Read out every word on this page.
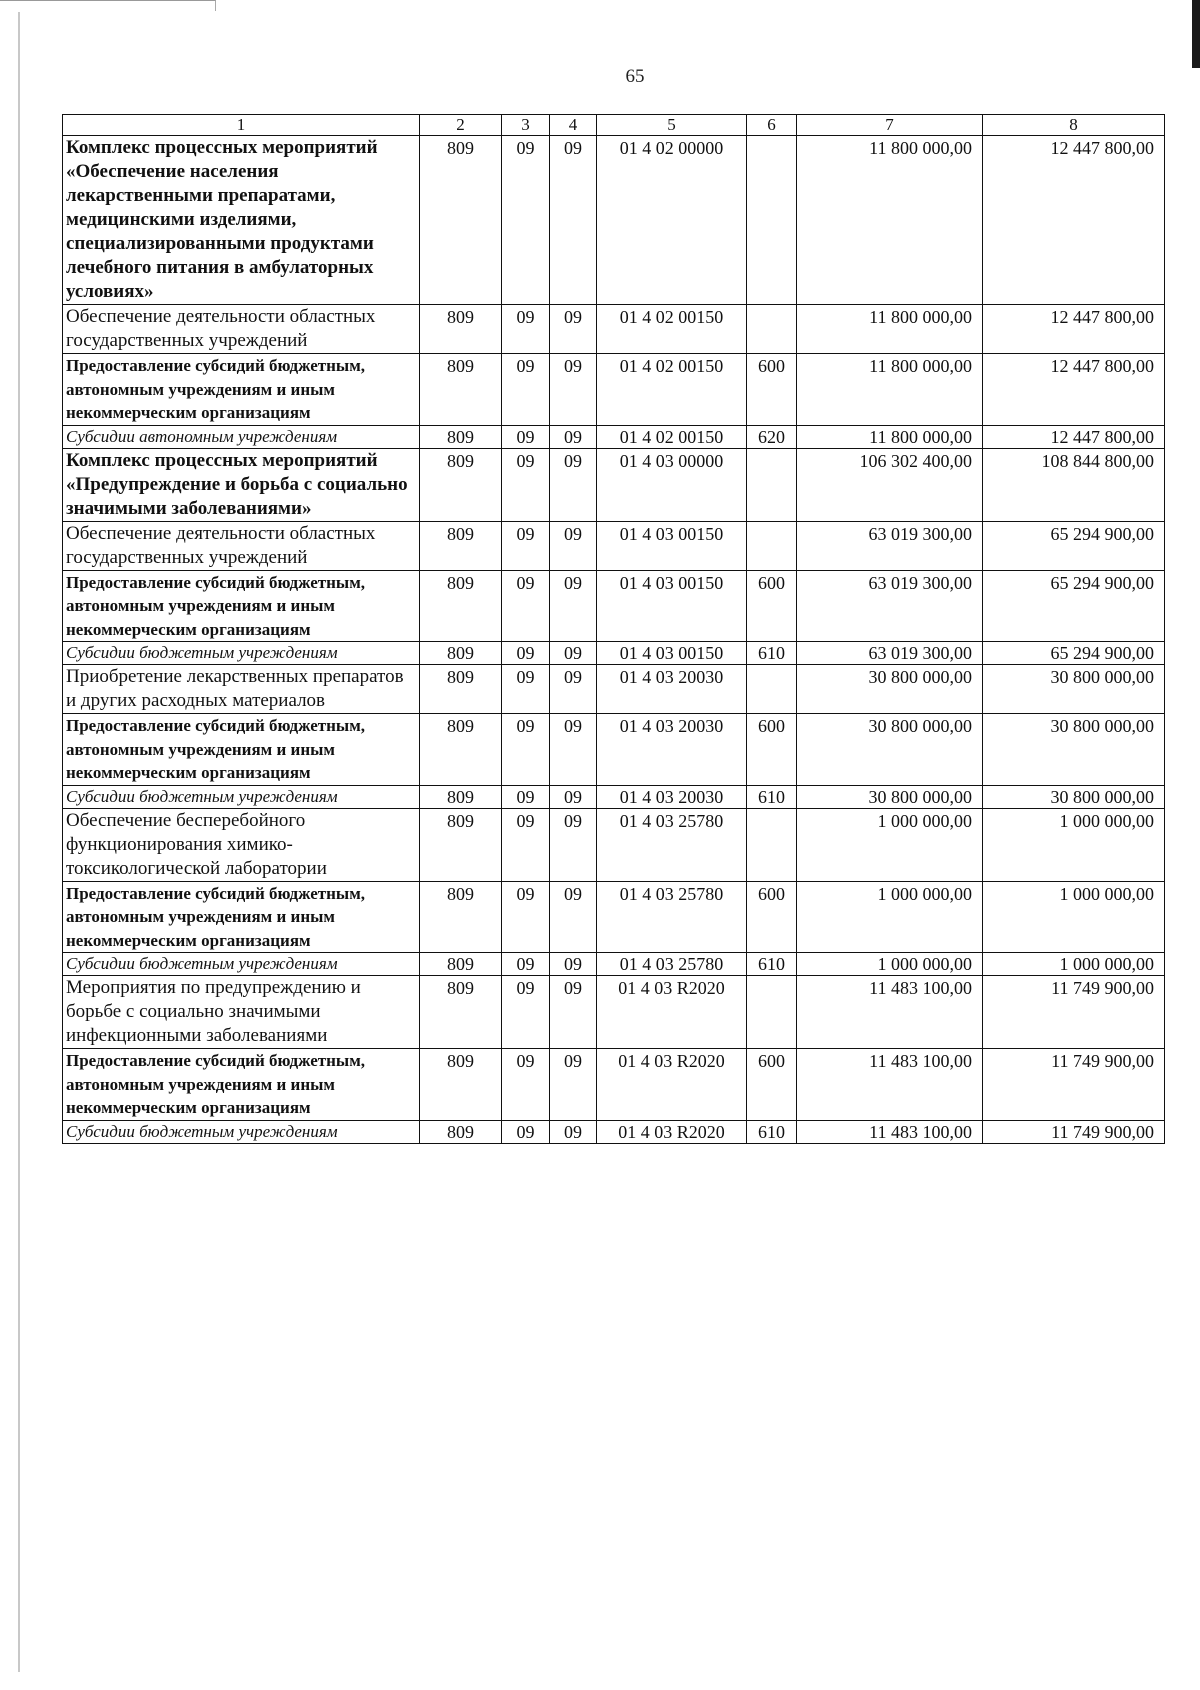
65
1	2	3	4	5	6	7	8
Комплекс процессных мероприятий «Обеспечение населения лекарственными препаратами, медицинскими изделиями, специализированными продуктами лечебного питания в амбулаторных условиях»	809	09	09	01 4 02 00000		11 800 000,00	12 447 800,00
Обеспечение деятельности областных государственных учреждений	809	09	09	01 4 02 00150		11 800 000,00	12 447 800,00
Предоставление субсидий бюджетным, автономным учреждениям и иным некоммерческим организациям	809	09	09	01 4 02 00150	600	11 800 000,00	12 447 800,00
Субсидии автономным учреждениям	809	09	09	01 4 02 00150	620	11 800 000,00	12 447 800,00
Комплекс процессных мероприятий «Предупреждение и борьба с социально значимыми заболеваниями»	809	09	09	01 4 03 00000		106 302 400,00	108 844 800,00
Обеспечение деятельности областных государственных учреждений	809	09	09	01 4 03 00150		63 019 300,00	65 294 900,00
Предоставление субсидий бюджетным, автономным учреждениям и иным некоммерческим организациям	809	09	09	01 4 03 00150	600	63 019 300,00	65 294 900,00
Субсидии бюджетным учреждениям	809	09	09	01 4 03 00150	610	63 019 300,00	65 294 900,00
Приобретение лекарственных препаратов и других расходных материалов	809	09	09	01 4 03 20030		30 800 000,00	30 800 000,00
Предоставление субсидий бюджетным, автономным учреждениям и иным некоммерческим организациям	809	09	09	01 4 03 20030	600	30 800 000,00	30 800 000,00
Субсидии бюджетным учреждениям	809	09	09	01 4 03 20030	610	30 800 000,00	30 800 000,00
Обеспечение бесперебойного функционирования химико-токсикологической лаборатории	809	09	09	01 4 03 25780		1 000 000,00	1 000 000,00
Предоставление субсидий бюджетным, автономным учреждениям и иным некоммерческим организациям	809	09	09	01 4 03 25780	600	1 000 000,00	1 000 000,00
Субсидии бюджетным учреждениям	809	09	09	01 4 03 25780	610	1 000 000,00	1 000 000,00
Мероприятия по предупреждению и борьбе с социально значимыми инфекционными заболеваниями	809	09	09	01 4 03 R2020		11 483 100,00	11 749 900,00
Предоставление субсидий бюджетным, автономным учреждениям и иным некоммерческим организациям	809	09	09	01 4 03 R2020	600	11 483 100,00	11 749 900,00
Субсидии бюджетным учреждениям	809	09	09	01 4 03 R2020	610	11 483 100,00	11 749 900,00
